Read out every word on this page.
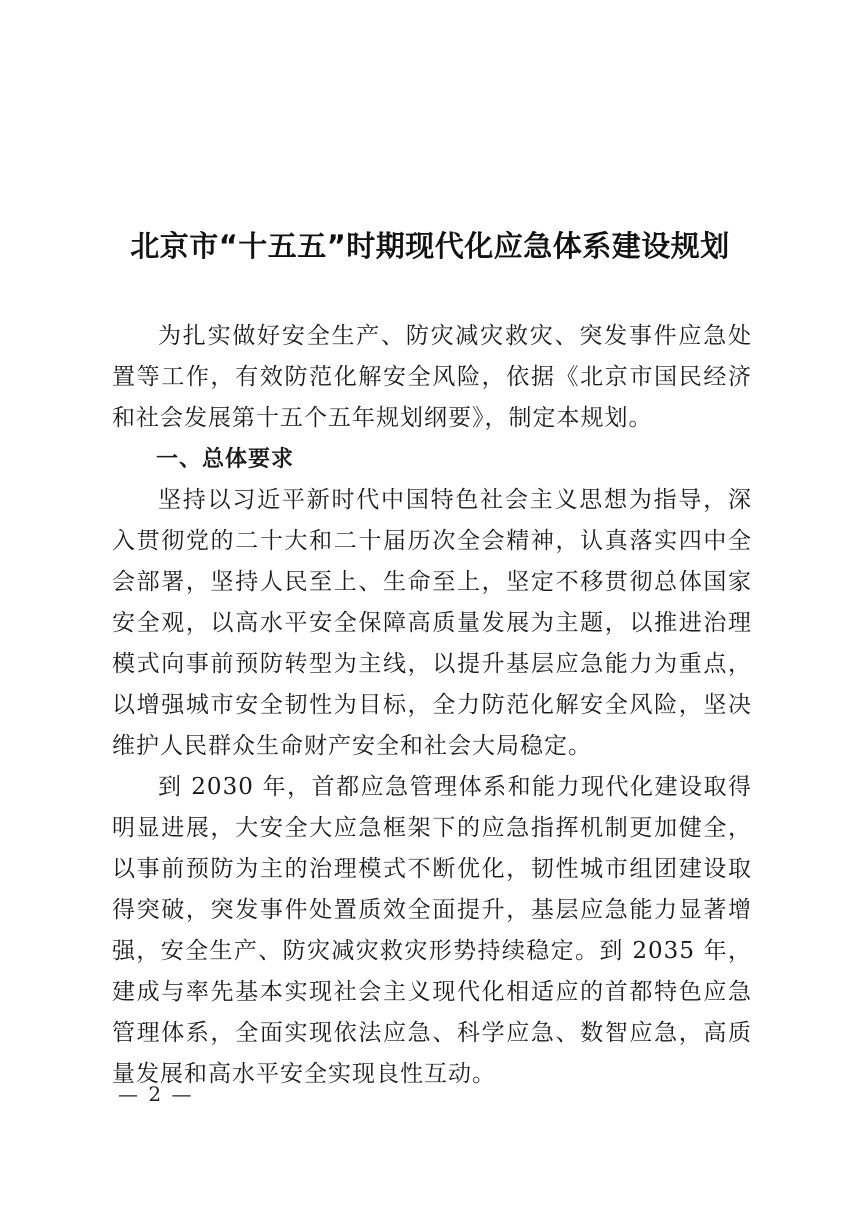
北京市“十五五”时期现代化应急体系建设规划

为扎实做好安全生产、防灾减灾救灾、突发事件应急处置等工作，有效防范化解安全风险，依据《北京市国民经济和社会发展第十五个五年规划纲要》，制定本规划。

一、总体要求

坚持以习近平新时代中国特色社会主义思想为指导，深入贯彻党的二十大和二十届历次全会精神，认真落实四中全会部署，坚持人民至上、生命至上，坚定不移贯彻总体国家安全观，以高水平安全保障高质量发展为主题，以推进治理模式向事前预防转型为主线，以提升基层应急能力为重点，以增强城市安全韧性为目标，全力防范化解安全风险，坚决维护人民群众生命财产安全和社会大局稳定。

到 2030 年，首都应急管理体系和能力现代化建设取得明显进展，大安全大应急框架下的应急指挥机制更加健全，以事前预防为主的治理模式不断优化，韧性城市组团建设取得突破，突发事件处置质效全面提升，基层应急能力显著增强，安全生产、防灾减灾救灾形势持续稳定。到 2035 年，建成与率先基本实现社会主义现代化相适应的首都特色应急管理体系，全面实现依法应急、科学应急、数智应急，高质量发展和高水平安全实现良性互动。

— 2 —
